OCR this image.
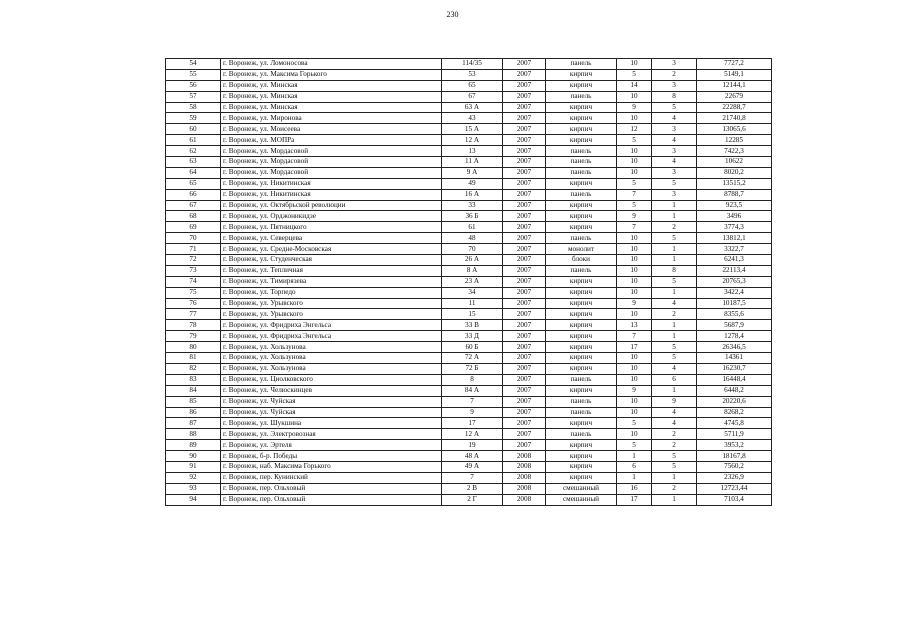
230
54	г. Воронеж, ул. Ломоносова	114/35	2007	панель	10	3	7727,2
55	г. Воронеж, ул. Максима Горького	53	2007	кирпич	5	2	5149,1
56	г. Воронеж, ул. Минская	65	2007	кирпич	14	3	12144,1
57	г. Воронеж, ул. Минская	67	2007	панель	10	8	22679
58	г. Воронеж, ул. Минская	63 А	2007	кирпич	9	5	22288,7
59	г. Воронеж, ул. Миронова	43	2007	кирпич	10	4	21740,8
60	г. Воронеж, ул. Моисеева	15 А	2007	кирпич	12	3	13065,6
61	г. Воронеж, ул. МОПРа	12 А	2007	кирпич	5	4	12285
62	г. Воронеж, ул. Мордасовой	13	2007	панель	10	3	7422,3
63	г. Воронеж, ул. Мордасовой	11 А	2007	панель	10	4	10622
64	г. Воронеж, ул. Мордасовой	9 А	2007	панель	10	3	8020,2
65	г. Воронеж, ул. Никитинская	49	2007	кирпич	5	5	13515,2
66	г. Воронеж, ул. Никитинская	16 А	2007	панель	7	3	8788,7
67	г. Воронеж, ул. Октябрьской революции	33	2007	кирпич	5	1	923,5
68	г. Воронеж, ул. Орджоникидзе	36 Б	2007	кирпич	9	1	3496
69	г. Воронеж, ул. Пятницкого	61	2007	кирпич	7	2	3774,3
70	г. Воронеж, ул. Северцева	48	2007	панель	10	5	13812,1
71	г. Воронеж, ул. Средне-Московская	70	2007	монолит	10	1	3322,7
72	г. Воронеж, ул. Студенческая	26 А	2007	блоки	10	1	6241,3
73	г. Воронеж, ул. Тепличная	8 А	2007	панель	10	8	22113,4
74	г. Воронеж, ул. Тимирязева	23 А	2007	кирпич	10	5	20765,3
75	г. Воронеж, ул. Торпедо	34	2007	кирпич	10	1	3422,4
76	г. Воронеж, ул. Урывского	11	2007	кирпич	9	4	10187,5
77	г. Воронеж, ул. Урывского	15	2007	кирпич	10	2	8355,6
78	г. Воронеж, ул. Фридриха Энгельса	33 В	2007	кирпич	13	1	5687,9
79	г. Воронеж, ул. Фридриха Энгельса	33 Д	2007	кирпич	7	1	1278,4
80	г. Воронеж, ул. Хользунова	60 Б	2007	кирпич	17	5	26346,5
81	г. Воронеж, ул. Хользунова	72 А	2007	кирпич	10	5	14361
82	г. Воронеж, ул. Хользунова	72 Б	2007	кирпич	10	4	16230,7
83	г. Воронеж, ул. Циолковского	8	2007	панель	10	6	16448,4
84	г. Воронеж, ул. Челюскинцев	84 А	2007	кирпич	9	1	6448,2
85	г. Воронеж, ул. Чуйская	7	2007	панель	10	9	20220,6
86	г. Воронеж, ул. Чуйская	9	2007	панель	10	4	8268,2
87	г. Воронеж, ул. Шукшина	17	2007	кирпич	5	4	4745,8
88	г. Воронеж, ул. Электровозная	12 А	2007	панель	10	2	5711,9
89	г. Воронеж, ул. Эртеля	19	2007	кирпич	5	2	3953,2
90	г. Воронеж, б-р. Победы	48 А	2008	кирпич	1	5	18167,8
91	г. Воронеж, наб. Максима Горького	49 А	2008	кирпич	6	5	7560,2
92	г. Воронеж, пер. Кунинский	7	2008	кирпич	1	1	2326,9
93	г. Воронеж, пер. Ольховый	2 В	2008	смешанный	16	2	12723,44
94	г. Воронеж, пер. Ольховый	2 Г	2008	смешанный	17	1	7103,4
